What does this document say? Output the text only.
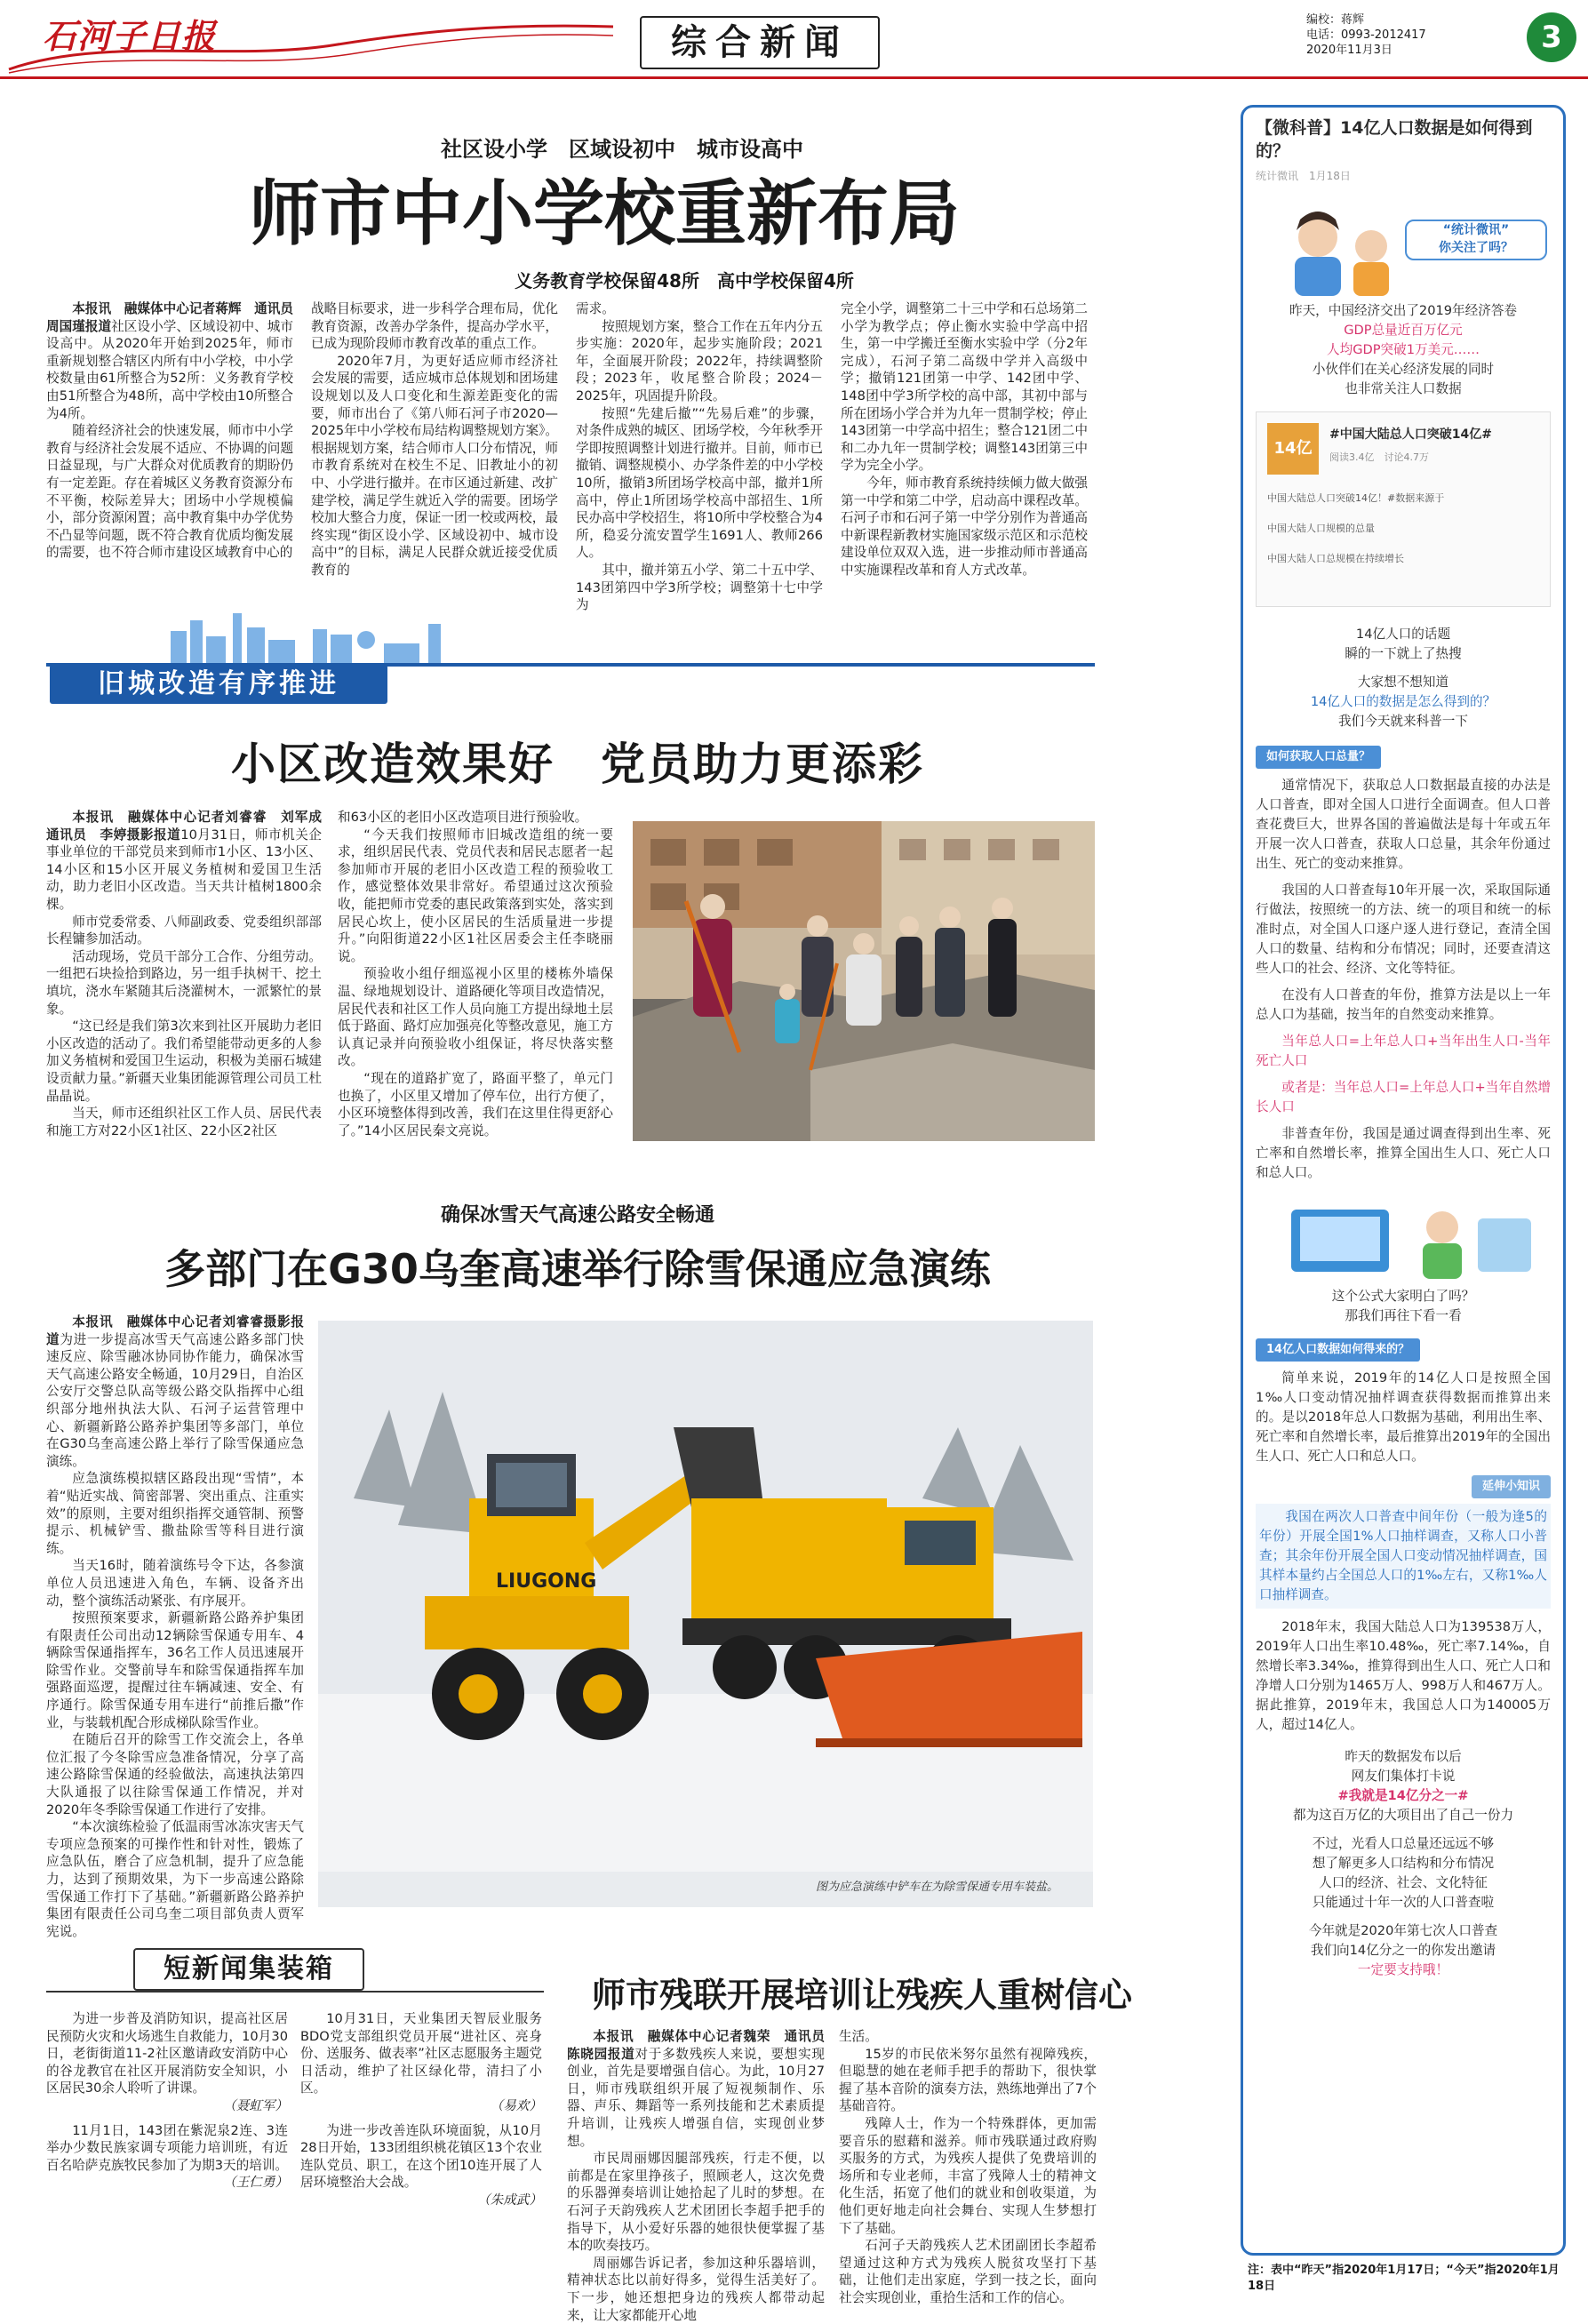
石河子日报	综合新闻
编校：蒋辉
电话：0993-2012417
2020年11月3日	3
社区设小学　区域设初中　城市设高中
师市中小学校重新布局
义务教育学校保留48所　高中学校保留4所

本报讯　融媒体中心记者蒋辉　通讯员周国瑾报道社区设小学、区域设初中、城市设高中。从2020年开始到2025年，师市重新规划整合辖区内所有中小学校，中小学校数量由61所整合为52所：义务教育学校由51所整合为48所，高中学校由10所整合为4所。

随着经济社会的快速发展，师市中小学教育与经济社会发展不适应、不协调的问题日益显现，与广大群众对优质教育的期盼仍有一定差距。存在着城区义务教育资源分布不平衡，校际差异大；团场中小学规模偏小，部分资源闲置；高中教育集中办学优势不凸显等问题，既不符合教育优质均衡发展的需要，也不符合师市建设区域教育中心的

战略目标要求，进一步科学合理布局，优化教育资源，改善办学条件，提高办学水平，已成为现阶段师市教育改革的重点工作。

2020年7月，为更好适应师市经济社会发展的需要，适应城市总体规划和团场建设规划以及人口变化和生源差距变化的需要，师市出台了《第八师石河子市2020—2025年中小学校布局结构调整规划方案》。根据规划方案，结合师市人口分布情况，师市教育系统对在校生不足、旧教址小的初中、小学进行撤并。在市区通过新建、改扩建学校，满足学生就近入学的需要。团场学校加大整合力度，保证一团一校或两校，最终实现“街区设小学、区域设初中、城市设高中”的目标，满足人民群众就近接受优质教育的

需求。

按照规划方案，整合工作在五年内分五步实施：2020年，起步实施阶段；2021年，全面展开阶段；2022年，持续调整阶段；2023年，收尾整合阶段；2024－2025年，巩固提升阶段。

按照“先建后撤”“先易后难”的步骤，对条件成熟的城区、团场学校，今年秋季开学即按照调整计划进行撤并。目前，师市已撤销、调整规模小、办学条件差的中小学校10所，撤销3所团场学校高中部，撤并1所高中，停止1所团场学校高中部招生、1所民办高中学校招生，将10所中学校整合为4所，稳妥分流安置学生1691人、教师266人。

其中，撤并第五小学、第二十五中学、143团第四中学3所学校；调整第十七中学为

完全小学，调整第二十三中学和石总场第二小学为教学点；停止衡水实验中学高中招生，第一中学搬迁至衡水实验中学（分2年完成），石河子第二高级中学并入高级中学；撤销121团第一中学、142团中学、148团中学3所学校的高中部，其初中部与所在团场小学合并为九年一贯制学校；停止143团第一中学高中招生；整合121团二中和二办九年一贯制学校；调整143团第三中学为完全小学。

今年，师市教育系统持续倾力做大做强第一中学和第二中学，启动高中课程改革。石河子市和石河子第一中学分别作为普通高中新课程新教材实施国家级示范区和示范校建设单位双双入选，进一步推动师市普通高中实施课程改革和育人方式改革。

旧城改造有序推进
小区改造效果好　党员助力更添彩

本报讯　融媒体中心记者刘睿睿　刘军成　通讯员　李婷摄影报道10月31日，师市机关企事业单位的干部党员来到师市1小区、13小区、14小区和15小区开展义务植树和爱国卫生活动，助力老旧小区改造。当天共计植树1800余棵。

师市党委常委、八师副政委、党委组织部部长程镛参加活动。

活动现场，党员干部分工合作、分组劳动。一组把石块捡拾到路边，另一组手执树干、挖土填坑，浇水车紧随其后浇灌树木，一派繁忙的景象。

“这已经是我们第3次来到社区开展助力老旧小区改造的活动了。我们希望能带动更多的人参加义务植树和爱国卫生运动，积极为美丽石城建设贡献力量。”新疆天业集团能源管理公司员工杜晶晶说。

当天，师市还组织社区工作人员、居民代表和施工方对22小区1社区、22小区2社区

和63小区的老旧小区改造项目进行预验收。

“今天我们按照师市旧城改造组的统一要求，组织居民代表、党员代表和居民志愿者一起参加师市开展的老旧小区改造工程的预验收工作，感觉整体效果非常好。希望通过这次预验收，能把师市党委的惠民政策落到实处，落实到居民心坎上，使小区居民的生活质量进一步提升。”向阳街道22小区1社区居委会主任李晓丽说。

预验收小组仔细巡视小区里的楼栋外墙保温、绿地规划设计、道路硬化等项目改造情况，居民代表和社区工作人员向施工方提出绿地土层低于路面、路灯应加强亮化等整改意见，施工方认真记录并向预验收小组保证，将尽快落实整改。

“现在的道路扩宽了，路面平整了，单元门也换了，小区里又增加了停车位，出行方便了，小区环境整体得到改善，我们在这里住得更舒心了。”14小区居民秦文亮说。

确保冰雪天气高速公路安全畅通
多部门在G30乌奎高速举行除雪保通应急演练

本报讯　融媒体中心记者刘睿睿摄影报道为进一步提高冰雪天气高速公路多部门快速反应、除雪融冰协同协作能力，确保冰雪天气高速公路安全畅通，10月29日，自治区公安厅交警总队高等级公路交队指挥中心组织部分地州执法大队、石河子运营管理中心、新疆新路公路养护集团等多部门，单位在G30乌奎高速公路上举行了除雪保通应急演练。

应急演练模拟辖区路段出现“雪情”，本着“贴近实战、简密部署、突出重点、注重实效”的原则，主要对组织指挥交通管制、预警提示、机械铲雪、撒盐除雪等科目进行演练。

当天16时，随着演练号令下达，各参演单位人员迅速进入角色，车辆、设备齐出动，整个演练活动紧张、有序展开。

按照预案要求，新疆新路公路养护集团有限责任公司出动12辆除雪保通专用车、4辆除雪保通指挥车，36名工作人员迅速展开除雪作业。交警前导车和除雪保通指挥车加强路面巡逻，提醒过往车辆减速、安全、有序通行。除雪保通专用车进行“前推后撒”作业，与装载机配合形成梯队除雪作业。

在随后召开的除雪工作交流会上，各单位汇报了今冬除雪应急准备情况，分享了高速公路除雪保通的经验做法，高速执法第四大队通报了以往除雪保通工作情况，并对2020年冬季除雪保通工作进行了安排。

“本次演练检验了低温雨雪冰冻灾害天气专项应急预案的可操作性和针对性，锻炼了应急队伍，磨合了应急机制，提升了应急能力，达到了预期效果，为下一步高速公路除雪保通工作打下了基础。”新疆新路公路养护集团有限责任公司乌奎二项目部负责人贾军宪说。

LIUGONG
图为应急演练中铲车在为除雪保通专用车装盐。
短新闻集装箱

为进一步普及消防知识，提高社区居民预防火灾和火场逃生自救能力，10月30日，老街街道11-2社区邀请政安消防中心的谷龙教官在社区开展消防安全知识，小区居民30余人聆听了讲课。

（聂虹军）

11月1日，143团在紫泥泉2连、3连举办少数民族家调专项能力培训班，有近百名哈萨克族牧民参加了为期3天的培训。

（王仁勇）

10月31日，天业集团天智辰业服务BDO党支部组织党员开展“进社区、亮身份、送服务、做表率”社区志愿服务主题党日活动，维护了社区绿化带，清扫了小区。

（易欢）

为进一步改善连队环境面貌，从10月28日开始，133团组织桃花镇区13个农业连队党员、职工，在这个团10连开展了人居环境整治大会战。

（朱成武）
师市残联开展培训让残疾人重树信心

本报讯　融媒体中心记者魏荣　通讯员陈晓园报道对于多数残疾人来说，要想实现创业，首先是要增强自信心。为此，10月27日，师市残联组织开展了短视频制作、乐器、声乐、舞蹈等一系列技能和艺术素质提升培训，让残疾人增强自信，实现创业梦想。

市民周丽娜因腿部残疾，行走不便，以前都是在家里挣孩子，照顾老人，这次免费的乐器弹奏培训让她拾起了儿时的梦想。在石河子天韵残疾人艺术团团长李超手把手的指导下，从小爱好乐器的她很快便掌握了基本的吹奏技巧。

周丽娜告诉记者，参加这种乐器培训，精神状态比以前好得多，觉得生活美好了。下一步，她还想把身边的残疾人都带动起来，让大家都能开心地

生活。

15岁的市民依米努尔虽然有视障残疾，但聪慧的她在老师手把手的帮助下，很快掌握了基本音阶的演奏方法，熟练地弹出了7个基础音符。

残障人士，作为一个特殊群体，更加需要音乐的慰藉和滋养。师市残联通过政府购买服务的方式，为残疾人提供了免费培训的场所和专业老师，丰富了残障人士的精神文化生活，拓宽了他们的就业和创收渠道，为他们更好地走向社会舞台、实现人生梦想打下了基础。

石河子天韵残疾人艺术团副团长李超希望通过这种方式为残疾人脱贫攻坚打下基础，让他们走出家庭，学到一技之长，面向社会实现创业，重拾生活和工作的信心。

【微科普】14亿人口数据是如何得到的？
统计微讯　1月18日
“统计微讯”
你关注了吗？
昨天，中国经济交出了2019年经济答卷
GDP总量近百万亿元
人均GDP突破1万美元……
小伙伴们在关心经济发展的同时
也非常关注人口数据
14亿
#中国大陆总人口突破14亿#
阅读3.4亿　讨论4.7万
中国大陆总人口突破14亿！#数据来源于
中国大陆人口规模的总量
中国大陆人口总规模在持续增长
14亿人口的话题
瞬的一下就上了热搜
大家想不想知道
14亿人口的数据是怎么得到的？
我们今天就来科普一下
如何获取人口总量？

通常情况下，获取总人口数据最直接的办法是人口普查，即对全国人口进行全面调查。但人口普查花费巨大，世界各国的普遍做法是每十年或五年开展一次人口普查，获取人口总量，其余年份通过出生、死亡的变动来推算。

我国的人口普查每10年开展一次，采取国际通行做法，按照统一的方法、统一的项目和统一的标准时点，对全国人口逐户逐人进行登记，查清全国人口的数量、结构和分布情况；同时，还要查清这些人口的社会、经济、文化等特征。

在没有人口普查的年份，推算方法是以上一年总人口为基础，按当年的自然变动来推算。

当年总人口=上年总人口+当年出生人口-当年死亡人口

或者是：当年总人口=上年总人口+当年自然增长人口

非普查年份，我国是通过调查得到出生率、死亡率和自然增长率，推算全国出生人口、死亡人口和总人口。

这个公式大家明白了吗？
那我们再往下看一看
14亿人口数据如何得来的？

简单来说，2019年的14亿人口是按照全国1‰人口变动情况抽样调查获得数据而推算出来的。是以2018年总人口数据为基础，利用出生率、死亡率和自然增长率，最后推算出2019年的全国出生人口、死亡人口和总人口。

延伸小知识

我国在两次人口普查中间年份（一般为逢5的年份）开展全国1%人口抽样调查，又称人口小普查；其余年份开展全国人口变动情况抽样调查，国其样本量约占全国总人口的1‰左右，又称1‰人口抽样调查。

2018年末，我国大陆总人口为139538万人，2019年人口出生率10.48‰，死亡率7.14‰，自然增长率3.34‰，推算得到出生人口、死亡人口和净增人口分别为1465万人、998万人和467万人。据此推算，2019年末，我国总人口为140005万人，超过14亿人。

昨天的数据发布以后
网友们集体打卡说
#我就是14亿分之一#
都为这百万亿的大项目出了自己一份力
不过，光看人口总量还远远不够
想了解更多人口结构和分布情况
人口的经济、社会、文化特征
只能通过十年一次的人口普查啦
今年就是2020年第七次人口普查
我们向14亿分之一的你发出邀请
一定要支持哦！
注：表中“昨天”指2020年1月17日；“今天”指2020年1月18日
